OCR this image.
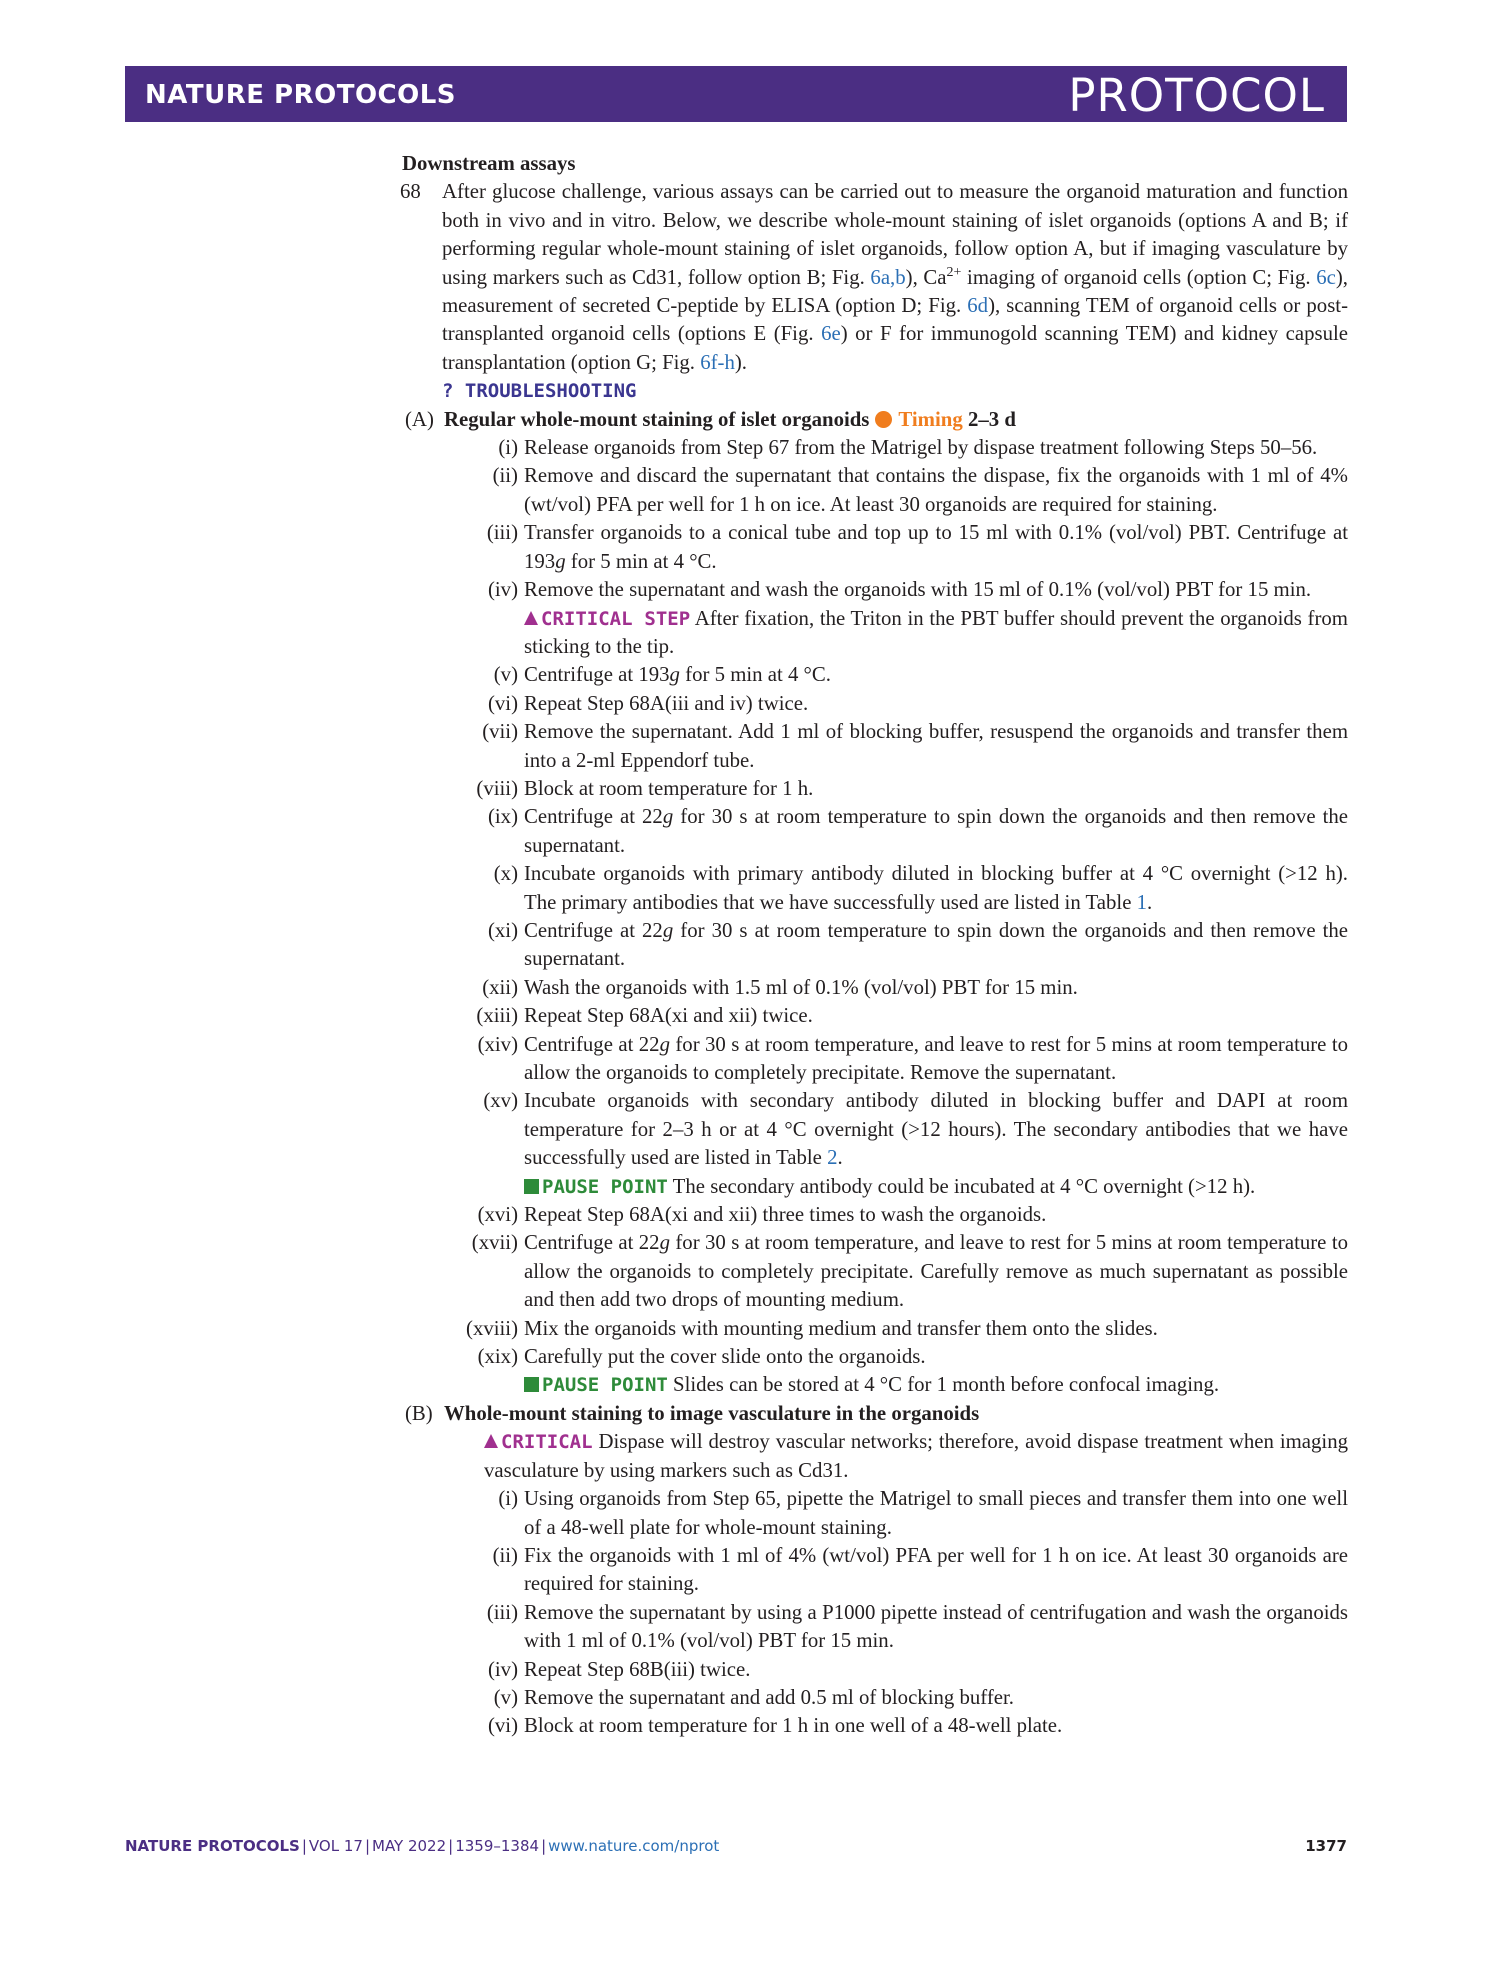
NATURE PROTOCOLS	PROTOCOL

Downstream assays

68 After glucose challenge, various assays can be carried out to measure the organoid maturation and function both in vivo and in vitro. Below, we describe whole-mount staining of islet organoids (options A and B; if performing regular whole-mount staining of islet organoids, follow option A, but if imaging vasculature by using markers such as Cd31, follow option B; Fig. 6a,b), $Ca^{2+}$ imaging of organoid cells (option C; Fig. 6c), measurement of secreted C-peptide by ELISA (option D; Fig. 6d), scanning TEM of organoid cells or post-transplanted organoid cells (options E (Fig. 6e) or F for immunogold scanning TEM) and kidney capsule transplantation (option G; Fig. 6f-h).

? TROUBLESHOOTING

(A) Regular whole-mount staining of islet organoids Timing 2–3 d
(i) Release organoids from Step 67 from the Matrigel by dispase treatment following Steps 50–56.
(ii) Remove and discard the supernatant that contains the dispase, fix the organoids with 1 ml of 4% (wt/vol) PFA per well for 1 h on ice. At least 30 organoids are required for staining.
(iii) Transfer organoids to a conical tube and top up to 15 ml with 0.1% (vol/vol) PBT. Centrifuge at 193g for 5 min at 4 °C.
(iv) Remove the supernatant and wash the organoids with 15 ml of 0.1% (vol/vol) PBT for 15 min.

CRITICAL STEP After fixation, the Triton in the PBT buffer should prevent the organoids from sticking to the tip.

(v) Centrifuge at 193g for 5 min at 4 °C.
(vi) Repeat Step 68A(iii and iv) twice.
(vii) Remove the supernatant. Add 1 ml of blocking buffer, resuspend the organoids and transfer them into a 2-ml Eppendorf tube.
(viii) Block at room temperature for 1 h.
(ix) Centrifuge at 22g for 30 s at room temperature to spin down the organoids and then remove the supernatant.
(x) Incubate organoids with primary antibody diluted in blocking buffer at 4 °C overnight (>12 h). The primary antibodies that we have successfully used are listed in Table 1.
(xi) Centrifuge at 22g for 30 s at room temperature to spin down the organoids and then remove the supernatant.
(xii) Wash the organoids with 1.5 ml of 0.1% (vol/vol) PBT for 15 min.
(xiii) Repeat Step 68A(xi and xii) twice.
(xiv) Centrifuge at 22g for 30 s at room temperature, and leave to rest for 5 mins at room temperature to allow the organoids to completely precipitate. Remove the supernatant.
(xv) Incubate organoids with secondary antibody diluted in blocking buffer and DAPI at room temperature for 2–3 h or at 4 °C overnight (>12 hours). The secondary antibodies that we have successfully used are listed in Table 2.

PAUSE POINT The secondary antibody could be incubated at 4 °C overnight (>12 h).

(xvi) Repeat Step 68A(xi and xii) three times to wash the organoids.
(xvii) Centrifuge at 22g for 30 s at room temperature, and leave to rest for 5 mins at room temperature to allow the organoids to completely precipitate. Carefully remove as much supernatant as possible and then add two drops of mounting medium.
(xviii) Mix the organoids with mounting medium and transfer them onto the slides.
(xix) Carefully put the cover slide onto the organoids.

PAUSE POINT Slides can be stored at 4 °C for 1 month before confocal imaging.

(B) Whole-mount staining to image vasculature in the organoids

CRITICAL Dispase will destroy vascular networks; therefore, avoid dispase treatment when imaging vasculature by using markers such as Cd31.

(i) Using organoids from Step 65, pipette the Matrigel to small pieces and transfer them into one well of a 48-well plate for whole-mount staining.
(ii) Fix the organoids with 1 ml of 4% (wt/vol) PFA per well for 1 h on ice. At least 30 organoids are required for staining.
(iii) Remove the supernatant by using a P1000 pipette instead of centrifugation and wash the organoids with 1 ml of 0.1% (vol/vol) PBT for 15 min.
(iv) Repeat Step 68B(iii) twice.
(v) Remove the supernatant and add 0.5 ml of blocking buffer.
(vi) Block at room temperature for 1 h in one well of a 48-well plate.
NATURE PROTOCOLS | VOL 17 | MAY 2022 | 1359–1384 | www.nature.com/nprot	1377
